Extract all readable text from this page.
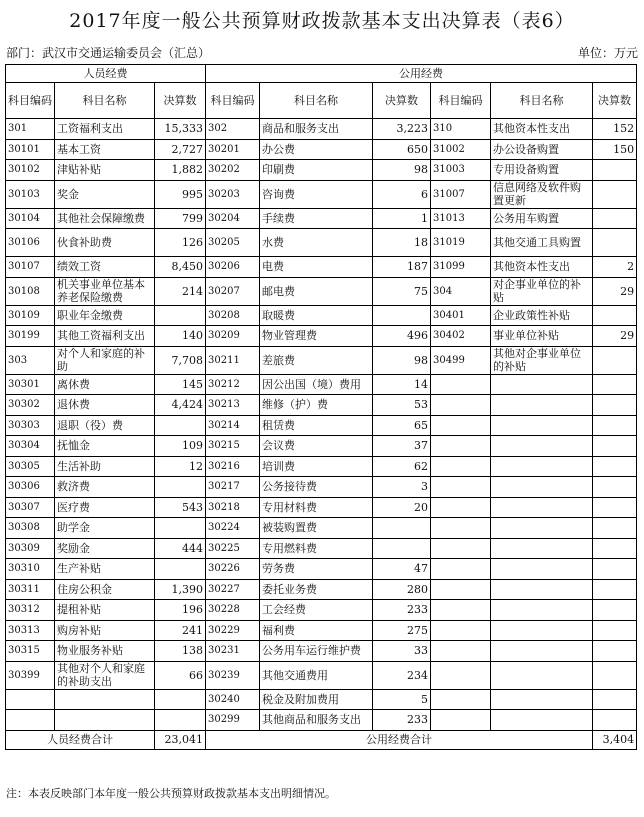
2017年度一般公共预算财政拨款基本支出决算表（表6）
部门：武汉市交通运输委员会（汇总）	单位：万元
人员经费			公用经费					
科目编码	科目名称	决算数	科目编码	科目名称	决算数	科目编码	科目名称	决算数
301	工资福利支出	15,333	302	商品和服务支出	3,223	310	其他资本性支出	152
30101	基本工资	2,727	30201	办公费	650	31002	办公设备购置	150
30102	津贴补贴	1,882	30202	印刷费	98	31003	专用设备购置	
30103	奖金	995	30203	咨询费	6	31007	信息网络及软件购置更新	
30104	其他社会保障缴费	799	30204	手续费	1	31013	公务用车购置	
30106	伙食补助费	126	30205	水费	18	31019	其他交通工具购置	
30107	绩效工资	8,450	30206	电费	187	31099	其他资本性支出	2
30108	机关事业单位基本养老保险缴费	214	30207	邮电费	75	304	对企事业单位的补贴	29
30109	职业年金缴费		30208	取暖费		30401	企业政策性补贴	
30199	其他工资福利支出	140	30209	物业管理费	496	30402	事业单位补贴	29
303	对个人和家庭的补助	7,708	30211	差旅费	98	30499	其他对企事业单位的补贴	
30301	离休费	145	30212	因公出国（境）费用	14			
30302	退休费	4,424	30213	维修（护）费	53			
30303	退职（役）费		30214	租赁费	65			
30304	抚恤金	109	30215	会议费	37			
30305	生活补助	12	30216	培训费	62			
30306	救济费		30217	公务接待费	3			
30307	医疗费	543	30218	专用材料费	20			
30308	助学金		30224	被装购置费				
30309	奖励金	444	30225	专用燃料费				
30310	生产补贴		30226	劳务费	47			
30311	住房公积金	1,390	30227	委托业务费	280			
30312	提租补贴	196	30228	工会经费	233			
30313	购房补贴	241	30229	福利费	275			
30315	物业服务补贴	138	30231	公务用车运行维护费	33			
30399	其他对个人和家庭的补助支出	66	30239	其他交通费用	234			
			30240	税金及附加费用	5			
			30299	其他商品和服务支出	233			
人员经费合计		23,041	公用经费合计					3,404
注：本表反映部门本年度一般公共预算财政拨款基本支出明细情况。
